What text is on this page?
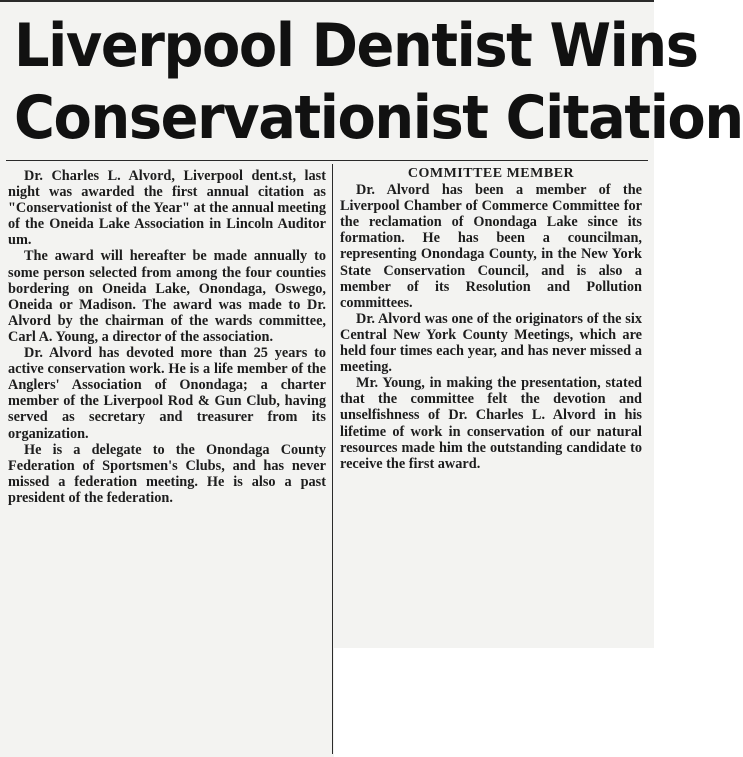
Liverpool Dentist Wins
Conservationist Citation

Dr. Charles L. Alvord, Liverpool dent.st, last night was awarded the first annual citation as "Conservationist of the Year" at the annual meeting of the Oneida Lake Association in Lincoln Auditor um.

The award will hereafter be made annually to some person selected from among the four counties bordering on Oneida Lake, Onondaga, Oswego, Oneida or Madison. The award was made to Dr. Alvord by the chairman of the wards committee, Carl A. Young, a director of the association.

Dr. Alvord has devoted more than 25 years to active conservation work. He is a life member of the Anglers' Association of Onondaga; a charter member of the Liverpool Rod & Gun Club, having served as secretary and treasurer from its organization.

He is a delegate to the Onondaga County Federation of Sportsmen's Clubs, and has never missed a federation meeting. He is also a past president of the federation.

COMMITTEE MEMBER

Dr. Alvord has been a member of the Liverpool Chamber of Commerce Committee for the reclamation of Onondaga Lake since its formation. He has been a councilman, representing Onondaga County, in the New York State Conservation Council, and is also a member of its Resolution and Pollution committees.

Dr. Alvord was one of the originators of the six Central New York County Meetings, which are held four times each year, and has never missed a meeting.

Mr. Young, in making the presentation, stated that the committee felt the devotion and unselfishness of Dr. Charles L. Alvord in his lifetime of work in conservation of our natural resources made him the outstanding candidate to receive the first award.
